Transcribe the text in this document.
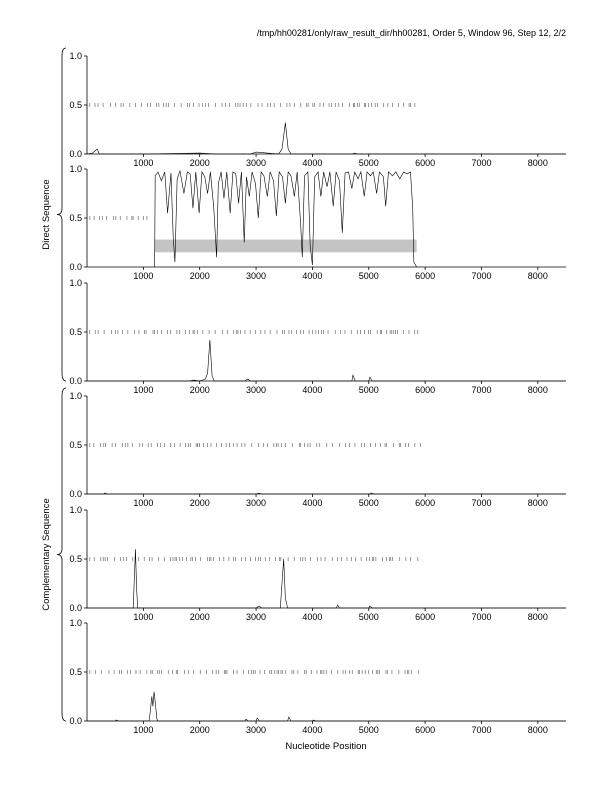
/tmp/hh00281/only/raw_result_dir/hh00281, Order 5, Window 96, Step 12, 2/2
0.0
0.5
1.0
1000	2000	3000	4000	5000	6000	7000	8000
0.0
0.5
1.0
1000	2000	3000	4000	5000	6000	7000	8000
0.0
0.5
1.0
1000	2000	3000	4000	5000	6000	7000	8000
0.0
0.5
1.0
1000	2000	3000	4000	5000	6000	7000	8000
0.0
0.5
1.0
1000	2000	3000	4000	5000	6000	7000	8000
0.0
0.5
1.0
1000	2000	3000	4000	5000	6000	7000	8000
Direct Sequence
Complementary Sequence
Nucleotide Position
